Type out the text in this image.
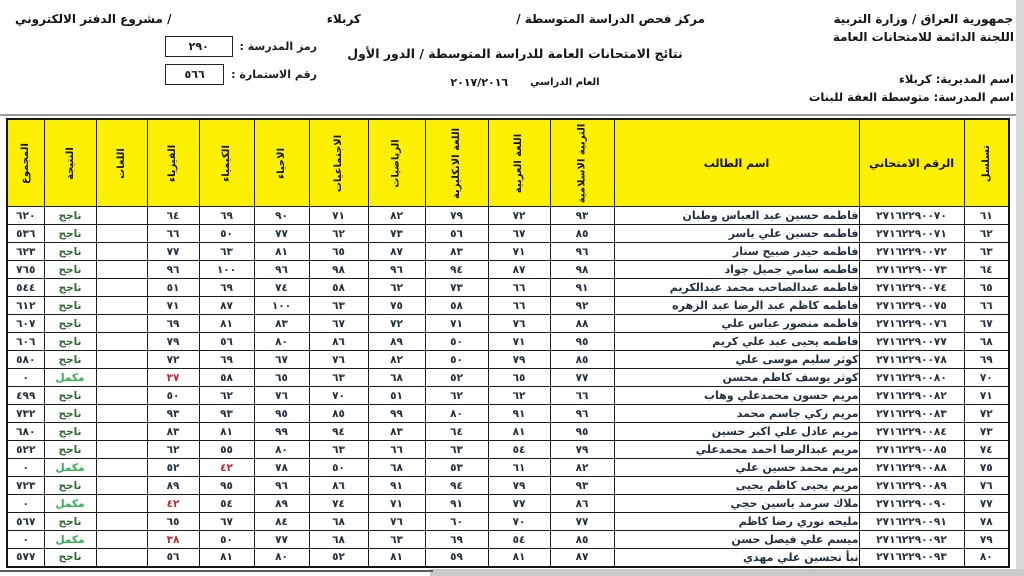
جمهورية العراق / وزارة التربية
اللجنة الدائمة للامتحانات العامة
مركز فحص الدراسة المتوسطة /
كربلاء
/ مشروع الدفتر الالكتروني
نتائج الامتحانات العامة للدراسة المتوسطة / الدور الأول
العام الدراسي
٢٠١٧/٢٠١٦
رمز المدرسة :
٢٩٠
رقم الاستمارة :
٥٦٦	اسم المديرية: كربلاء
اسم المدرسة: متوسطة العفة للبنات
تسلسل	الرقم الامتحاني	اسم الطالب	التربية الاسلامية	اللغة العربية	اللغة الانكليزية	الرياضيات	الاجتماعيات	الاحياء	الكيمياء	الفيزياء	اللغات	النتيجة	المجموع

٦١	٢٧١٦٢٢٩٠٠٧٠	فاطمه حسين عبد العباس وطبان	٩٣	٧٢	٧٩	٨٢	٧١	٩٠	٦٩	٦٤		ناجح	٦٢٠
٦٢	٢٧١٦٢٢٩٠٠٧١	فاطمه حسين علي ياسر	٨٥	٦٧	٥٦	٧٣	٦٢	٧٧	٥٠	٦٦		ناجح	٥٣٦
٦٣	٢٧١٦٢٢٩٠٠٧٢	فاطمه حيدر صبيح ستار	٩٦	٧١	٨٣	٨٧	٦٥	٨١	٦٣	٧٧		ناجح	٦٢٣
٦٤	٢٧١٦٢٢٩٠٠٧٣	فاطمه سامي جميل جواد	٩٨	٨٧	٩٤	٩٦	٩٨	٩٦	١٠٠	٩٦		ناجح	٧٦٥
٦٥	٢٧١٦٢٢٩٠٠٧٤	فاطمه عبدالصاحب محمد عبدالكريم	٩١	٦٦	٧٣	٦٢	٥٨	٧٤	٦٩	٥١		ناجح	٥٤٤
٦٦	٢٧١٦٢٢٩٠٠٧٥	فاطمه كاظم عبد الرضا عبد الزهره	٩٢	٦٦	٥٨	٧٥	٦٣	١٠٠	٨٧	٧١		ناجح	٦١٢
٦٧	٢٧١٦٢٢٩٠٠٧٦	فاطمه منصور عباس علي	٨٨	٧٦	٧١	٧٢	٦٧	٨٣	٨١	٦٩		ناجح	٦٠٧
٦٨	٢٧١٦٢٢٩٠٠٧٧	فاطمه يحيى عبد علي كريم	٩٥	٧١	٥٠	٨٩	٨٦	٨٠	٥٦	٧٩		ناجح	٦٠٦
٦٩	٢٧١٦٢٢٩٠٠٧٨	كوثر سليم موسى علي	٨٥	٧٩	٥٠	٨٢	٧٦	٦٧	٦٩	٧٢		ناجح	٥٨٠
٧٠	٢٧١٦٢٢٩٠٠٨٠	كوثر يوسف كاظم محسن	٧٧	٦٥	٥٢	٦٨	٦٣	٦٥	٥٨	٣٧		مكمل	٠
٧١	٢٧١٦٢٢٩٠٠٨٢	مريم حسون محمدعلي وهاب	٦٦	٦٢	٦٢	٥١	٧٠	٧٦	٦٢	٥٠		ناجح	٤٩٩
٧٢	٢٧١٦٢٢٩٠٠٨٣	مريم زكي جاسم محمد	٩٦	٩١	٨٠	٩٩	٨٥	٩٥	٩٣	٩٣		ناجح	٧٣٢
٧٣	٢٧١٦٢٢٩٠٠٨٤	مريم عادل علي اكبر حسين	٩٥	٨١	٦٤	٨٣	٩٤	٩٩	٨١	٨٣		ناجح	٦٨٠
٧٤	٢٧١٦٢٢٩٠٠٨٥	مريم عبدالرضا احمد محمدعلي	٧٩	٥٤	٦٣	٦٦	٦٣	٨٠	٥٥	٦٢		ناجح	٥٢٢
٧٥	٢٧١٦٢٢٩٠٠٨٨	مريم محمد حسين علي	٨٢	٦١	٥٣	٦٨	٥٠	٧٨	٤٢	٥٢		مكمل	٠
٧٦	٢٧١٦٢٢٩٠٠٨٩	مريم يحيى كاظم يحيى	٩٣	٧٩	٩٤	٩١	٨٦	٩٦	٩٥	٨٩		ناجح	٧٢٣
٧٧	٢٧١٦٢٢٩٠٠٩٠	ملاك سرمد ياسين حجي	٨٦	٧٧	٩١	٧١	٧٤	٨٩	٥٤	٤٢		مكمل	٠
٧٨	٢٧١٦٢٢٩٠٠٩١	مليحه نوري رضا كاظم	٧٧	٧٠	٦٠	٧٦	٦٨	٨٤	٦٧	٦٥		ناجح	٥٦٧
٧٩	٢٧١٦٢٢٩٠٠٩٢	ميسم علي فيصل حسن	٨٥	٥٤	٦٩	٦٣	٦٨	٧٧	٥٠	٣٨		مكمل	٠
٨٠	٢٧١٦٢٢٩٠٠٩٣	نبأ تحسين علي مهدي	٨٧	٨١	٥٩	٨١	٥٢	٨٠	٨١	٥٦		ناجح	٥٧٧
